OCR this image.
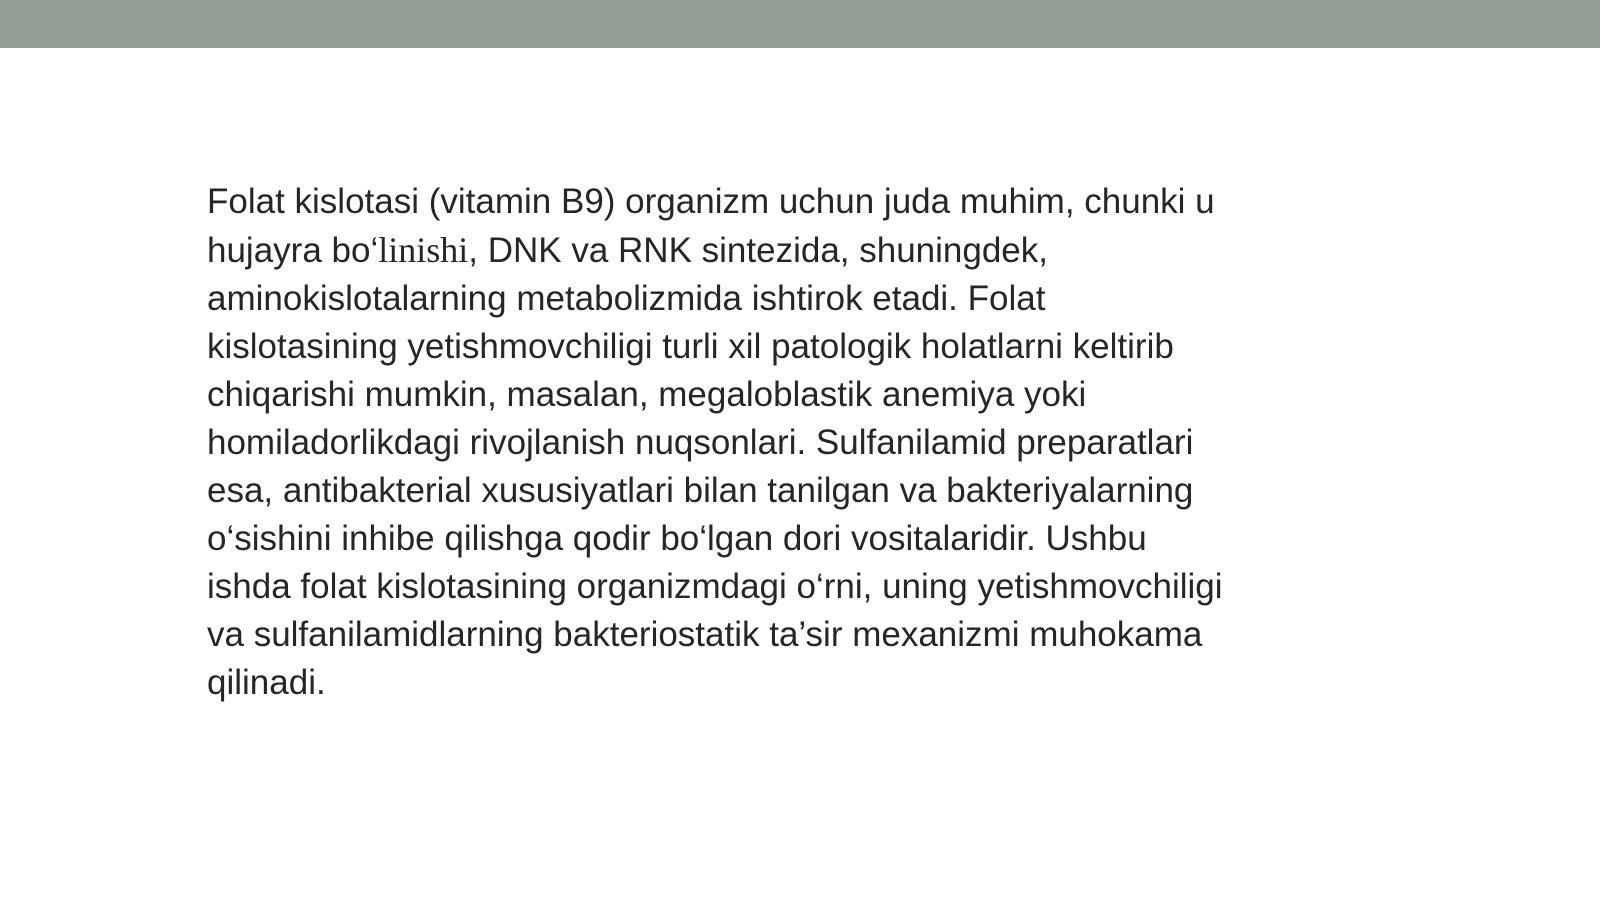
Folat kislotasi (vitamin B9) organizm uchun juda muhim, chunki u
hujayra bo‘linishi, DNK va RNK sintezida, shuningdek,
aminokislotalarning metabolizmida ishtirok etadi. Folat
kislotasining yetishmovchiligi turli xil patologik holatlarni keltirib
chiqarishi mumkin, masalan, megaloblastik anemiya yoki
homiladorlikdagi rivojlanish nuqsonlari. Sulfanilamid preparatlari
esa, antibakterial xususiyatlari bilan tanilgan va bakteriyalarning
o‘sishini inhibe qilishga qodir bo‘lgan dori vositalaridir. Ushbu
ishda folat kislotasining organizmdagi o‘rni, uning yetishmovchiligi
va sulfanilamidlarning bakteriostatik ta’sir mexanizmi muhokama
qilinadi.
